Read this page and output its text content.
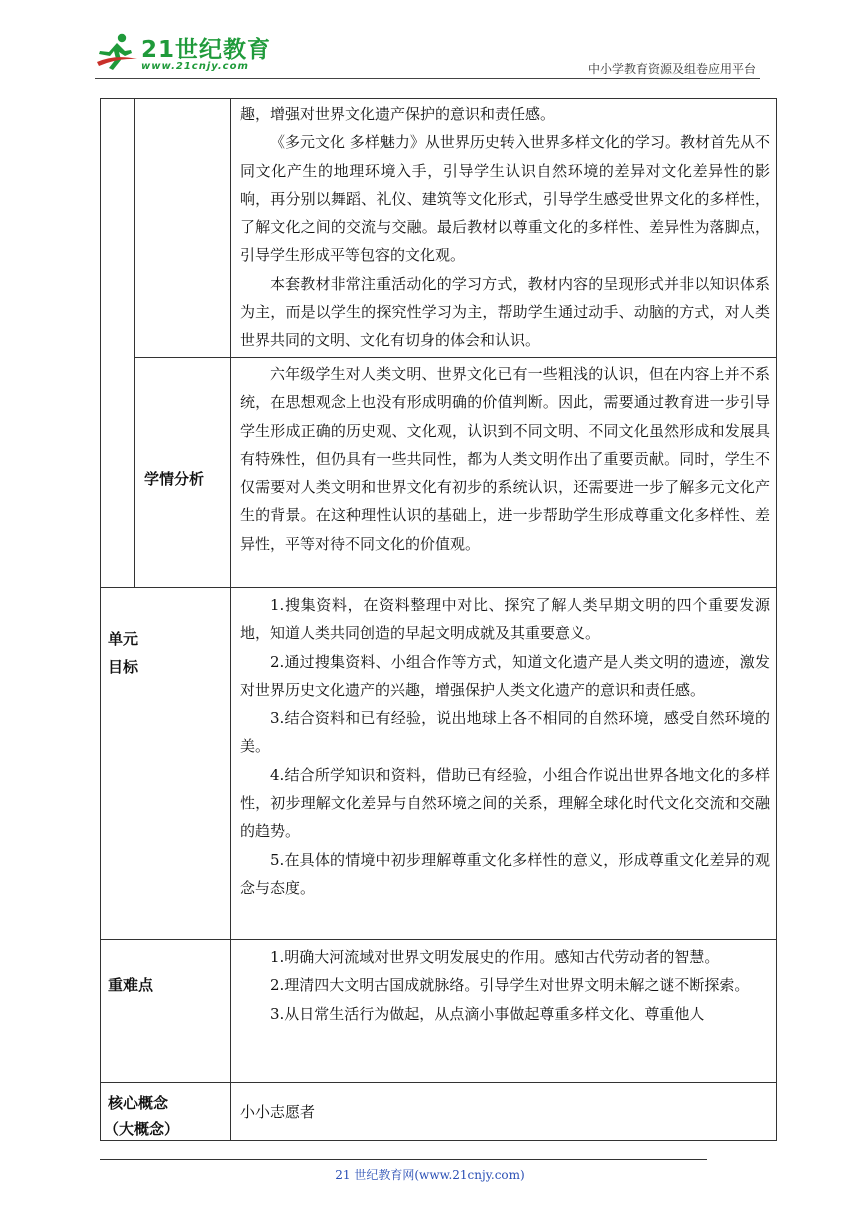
21世纪教育
www.21cnjy.com	中小学教育资源及组卷应用平台

趣，增强对世界文化遗产保护的意识和责任感。

《多元文化 多样魅力》从世界历史转入世界多样文化的学习。教材首先从不同文化产生的地理环境入手，引导学生认识自然环境的差异对文化差异性的影响，再分别以舞蹈、礼仪、建筑等文化形式，引导学生感受世界文化的多样性，了解文化之间的交流与交融。最后教材以尊重文化的多样性、差异性为落脚点，引导学生形成平等包容的文化观。

本套教材非常注重活动化的学习方式，教材内容的呈现形式并非以知识体系为主，而是以学生的探究性学习为主，帮助学生通过动手、动脑的方式，对人类世界共同的文明、文化有切身的体会和认识。

学情分析

六年级学生对人类文明、世界文化已有一些粗浅的认识，但在内容上并不系统，在思想观念上也没有形成明确的价值判断。因此，需要通过教育进一步引导学生形成正确的历史观、文化观，认识到不同文明、不同文化虽然形成和发展具有特殊性，但仍具有一些共同性，都为人类文明作出了重要贡献。同时，学生不仅需要对人类文明和世界文化有初步的系统认识，还需要进一步了解多元文化产生的背景。在这种理性认识的基础上，进一步帮助学生形成尊重文化多样性、差异性，平等对待不同文化的价值观。

单元
目标

1.搜集资料，在资料整理中对比、探究了解人类早期文明的四个重要发源地，知道人类共同创造的早起文明成就及其重要意义。

2.通过搜集资料、小组合作等方式，知道文化遗产是人类文明的遗迹，激发对世界历史文化遗产的兴趣，增强保护人类文化遗产的意识和责任感。

3.结合资料和已有经验，说出地球上各不相同的自然环境，感受自然环境的美。

4.结合所学知识和资料，借助已有经验，小组合作说出世界各地文化的多样性，初步理解文化差异与自然环境之间的关系，理解全球化时代文化交流和交融的趋势。

5.在具体的情境中初步理解尊重文化多样性的意义，形成尊重文化差异的观念与态度。

重难点

1.明确大河流域对世界文明发展史的作用。感知古代劳动者的智慧。

2.理清四大文明古国成就脉络。引导学生对世界文明未解之谜不断探索。

3.从日常生活行为做起，从点滴小事做起尊重多样文化、尊重他人

核心概念
（大概念）

小小志愿者

21 世纪教育网(www.21cnjy.com)
